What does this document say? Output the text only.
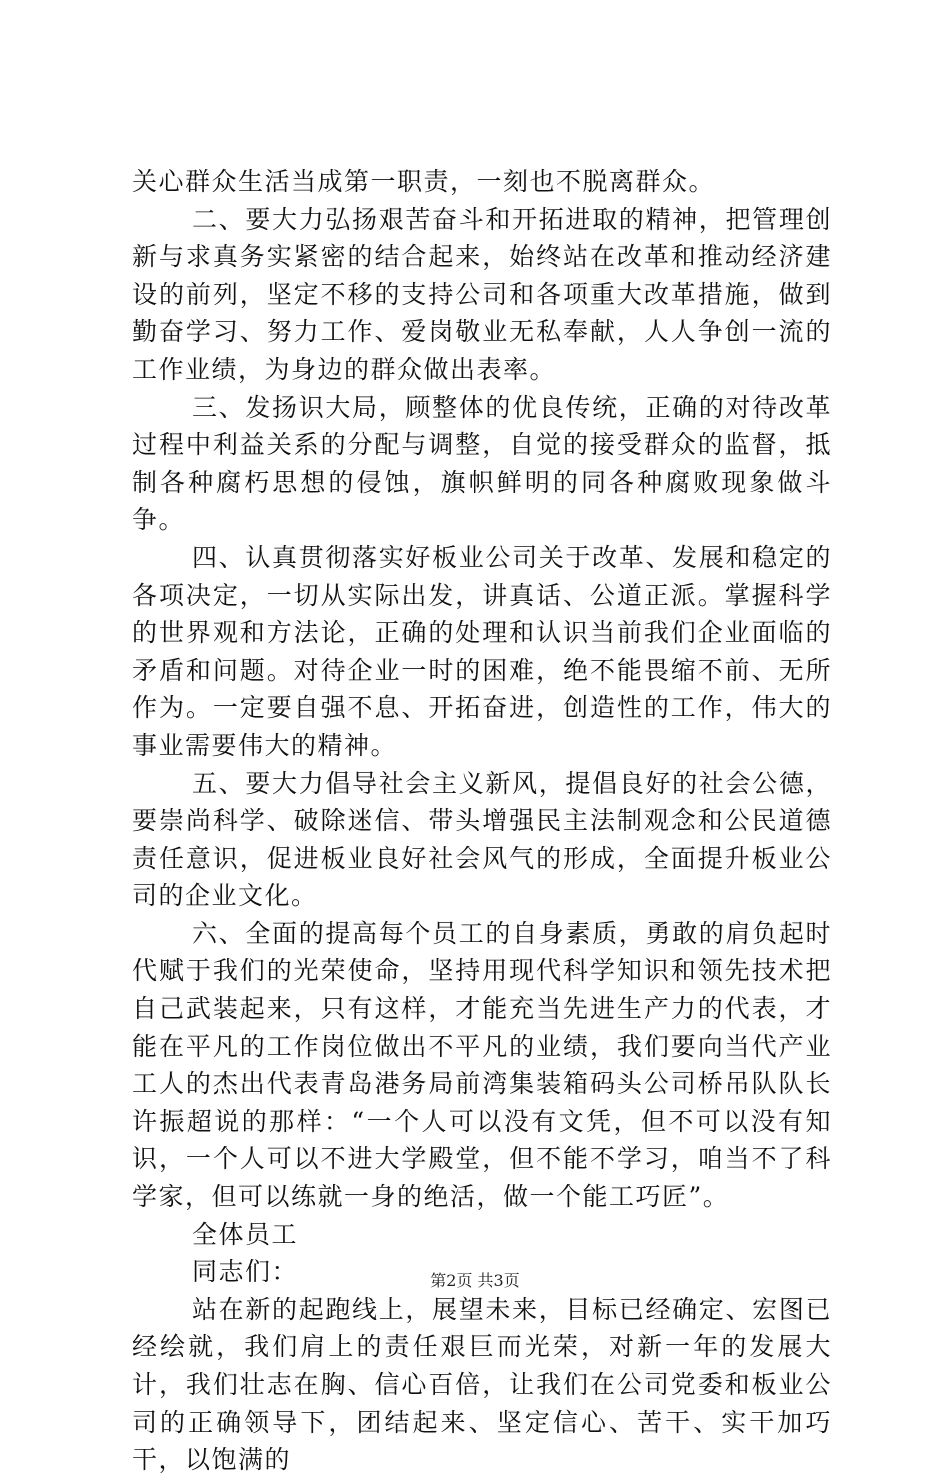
关心群众生活当成第一职责，一刻也不脱离群众。

二、要大力弘扬艰苦奋斗和开拓进取的精神，把管理创新与求真务实紧密的结合起来，始终站在改革和推动经济建设的前列，坚定不移的支持公司和各项重大改革措施，做到勤奋学习、努力工作、爱岗敬业无私奉献，人人争创一流的工作业绩，为身边的群众做出表率。

三、发扬识大局，顾整体的优良传统，正确的对待改革过程中利益关系的分配与调整，自觉的接受群众的监督，抵制各种腐朽思想的侵蚀，旗帜鲜明的同各种腐败现象做斗争。

四、认真贯彻落实好板业公司关于改革、发展和稳定的各项决定，一切从实际出发，讲真话、公道正派。掌握科学的世界观和方法论，正确的处理和认识当前我们企业面临的矛盾和问题。对待企业一时的困难，绝不能畏缩不前、无所作为。一定要自强不息、开拓奋进，创造性的工作，伟大的事业需要伟大的精神。

五、要大力倡导社会主义新风，提倡良好的社会公德，要崇尚科学、破除迷信、带头增强民主法制观念和公民道德责任意识，促进板业良好社会风气的形成，全面提升板业公司的企业文化。

六、全面的提高每个员工的自身素质，勇敢的肩负起时代赋于我们的光荣使命，坚持用现代科学知识和领先技术把自己武装起来，只有这样，才能充当先进生产力的代表，才能在平凡的工作岗位做出不平凡的业绩，我们要向当代产业工人的杰出代表青岛港务局前湾集装箱码头公司桥吊队队长许振超说的那样：“一个人可以没有文凭，但不可以没有知识，一个人可以不进大学殿堂，但不能不学习，咱当不了科学家，但可以练就一身的绝活，做一个能工巧匠”。

全体员工

同志们：

站在新的起跑线上，展望未来，目标已经确定、宏图已经绘就，我们肩上的责任艰巨而光荣，对新一年的发展大计，我们壮志在胸、信心百倍，让我们在公司党委和板业公司的正确领导下，团结起来、坚定信心、苦干、实干加巧干，以饱满的

第2页 共3页
